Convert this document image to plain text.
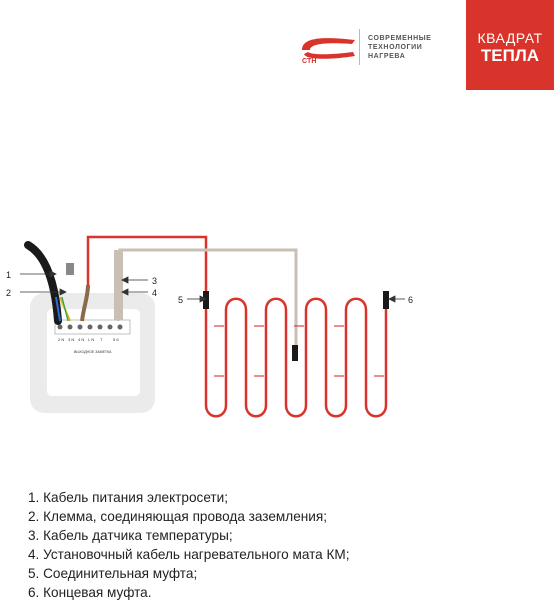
CTH
СОВРЕМЕННЫЕ
ТЕХНОЛОГИИ
НАГРЕВА
КВАДРАТ
ТЕПЛА
2 N 3 N 4 N L N T	5 6
ВЫХОДНОЕ ЗАМЕТКА
1
2
3
4
5	6
1. Кабель питания электросети;
2. Клемма, соединяющая провода заземления;
3. Кабель датчика температуры;
4. Установочный кабель нагревательного мата КМ;
5. Соединительная муфта;
6. Концевая муфта.
